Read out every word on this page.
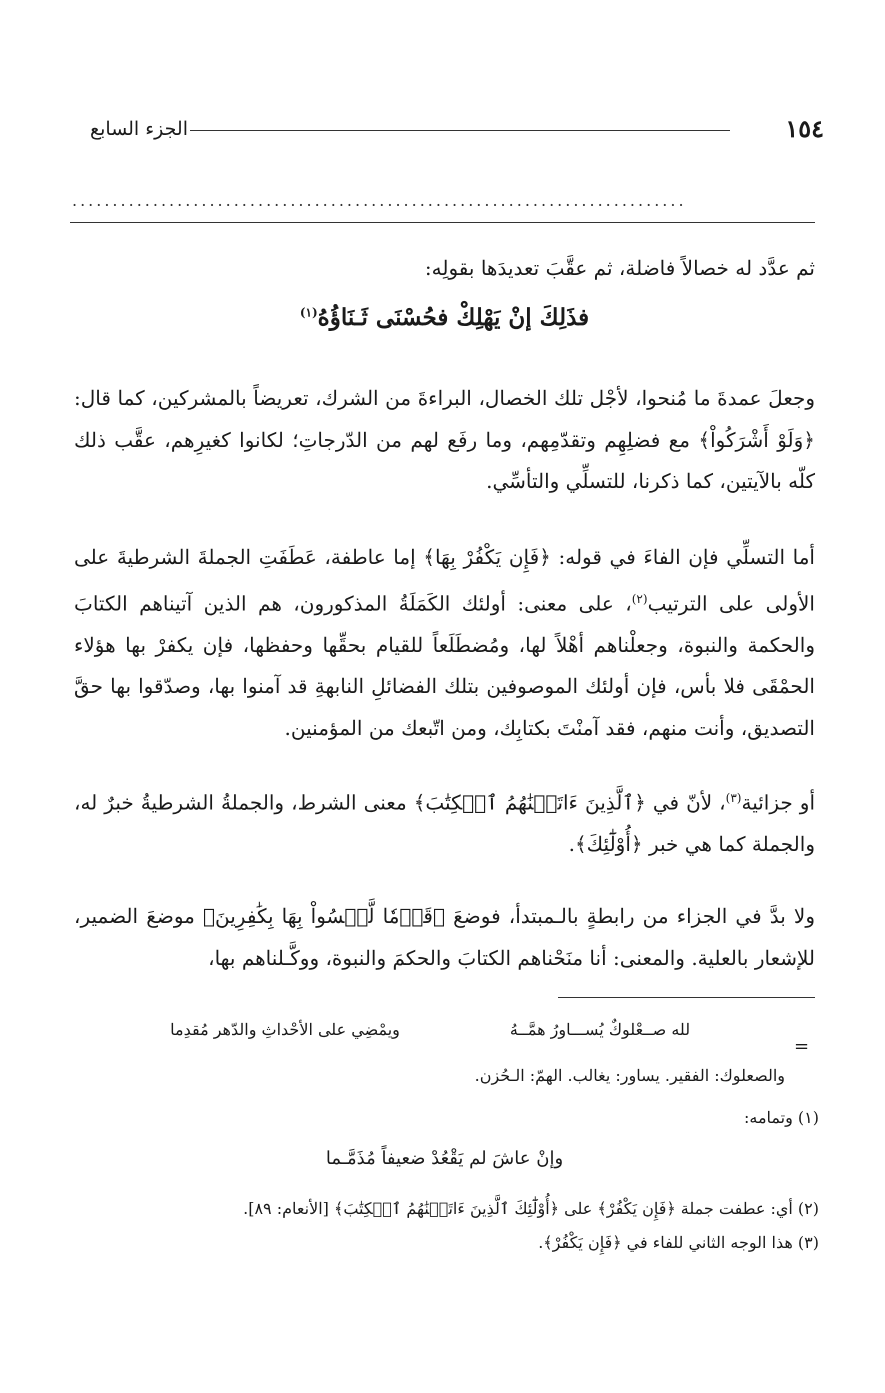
١٥٤
الجزء السابع
............................................................................
ثم عدَّد له خصالاً فاضلة، ثم عقَّبَ تعديدَها بقولِه:
فذَلِكَ إنْ يَهْلِكْ فحُسْنَى ثَـنَاؤُهُ$^{(١)}$
وجعلَ عمدةَ ما مُنحوا، لأجْل تلك الخصال، البراءةَ من الشرك، تعريضاً بالمشركين، كما قال: ﴿وَلَوْ أَشْرَكُواْ﴾ مع فضلِهِم وتقدّمِهم، وما رفَع لهم من الدّرجاتِ؛ لكانوا كغيرِهم، عقَّب ذلك كلّه بالآيتين، كما ذكرنا، للتسلِّي والتأسِّي.
أما التسلِّي فإن الفاءَ في قوله: ﴿فَإِن يَكْفُرْ بِهَا﴾ إما عاطفة، عَطَفَتِ الجملةَ الشرطيةَ على الأولى على الترتيب$^{(٢)}$، على معنى: أولئك الكَمَلَةُ المذكورون، هم الذين آتيناهم الكتابَ والحكمة والنبوة، وجعلْناهم أهْلاً لها، ومُضطَلَعاً للقيام بحقِّها وحفظها، فإن يكفرْ بها هؤلاء الحمْقَى فلا بأس، فإن أولئك الموصوفين بتلك الفضائلِ النابهةِ قد آمنوا بها، وصدّقوا بها حقَّ التصديق، وأنت منهم، فقد آمنْتَ بكتابِك، ومن اتّبعك من المؤمنين.
أو جزائية$^{(٣)}$، لأنّ في ﴿ٱلَّذِينَ ءَاتَيۡنَٰهُمُ ٱلۡكِتَٰبَ﴾ معنى الشرط، والجملةُ الشرطيةُ خبرٌ له، والجملة كما هي خبر ﴿أُوْلَٰٓئِكَ﴾.
ولا بدَّ في الجزاء من رابطةٍ بالـمبتدأ، فوضعَ ﴿قَوۡمٗا لَّيۡسُواْ بِهَا بِكَٰفِرِينَ﴾ موضعَ الضمير، للإشعار بالعلية. والمعنى: أنا منَحْناهم الكتابَ والحكمَ والنبوة، ووكَّـلناهم بها،
=
لله صــعْلوكٌ يُســـاورُ همَّــهُ
ويمْضِي على الأحْداثِ والدّهر مُقدِما
والصعلوك: الفقير. يساور: يغالب. الهمّ: الـحُزن.
(١) وتمامه:
وإنْ عاشَ لم يَقْعُدْ ضعيفاً مُذَمَّـما
(٢) أي: عطفت جملة ﴿فَإِن يَكْفُرْ﴾ على ﴿أُوْلَٰٓئِكَ ٱلَّذِينَ ءَاتَيۡنَٰهُمُ ٱلۡكِتَٰبَ﴾ [الأنعام: ٨٩].
(٣) هذا الوجه الثاني للفاء في ﴿فَإِن يَكْفُرْ﴾.
